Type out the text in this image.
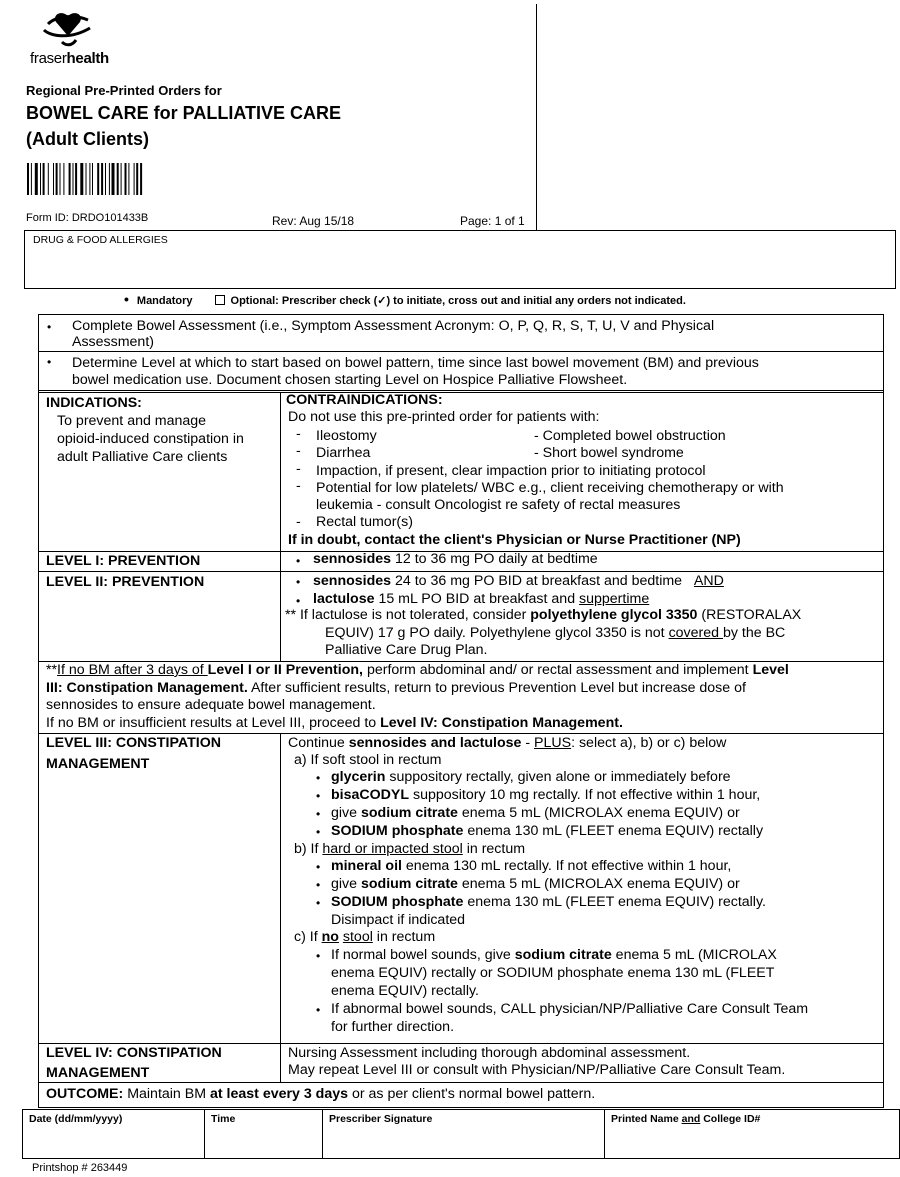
fraserhealth
Regional Pre-Printed Orders for
BOWEL CARE for PALLIATIVE CARE
(Adult Clients)
Form ID: DRDO101433B	Rev: Aug 15/18	Page: 1 of 1
DRUG & FOOD ALLERGIES
• Mandatory	Optional: Prescriber check (✓) to initiate, cross out and initial any orders not indicated.
• Complete Bowel Assessment (i.e., Symptom Assessment Acronym: O, P, Q, R, S, T, U, V and Physical
Assessment)
• Determine Level at which to start based on bowel pattern, time since last bowel movement (BM) and previous
bowel medication use. Document chosen starting Level on Hospice Palliative Flowsheet.
INDICATIONS:
To prevent and manage
opioid-induced constipation in
adult Palliative Care clients
CONTRAINDICATIONS:
Do not use this pre-printed order for patients with:
- Ileostomy	- Completed bowel obstruction
- Diarrhea	- Short bowel syndrome
- Impaction, if present, clear impaction prior to initiating protocol
- Potential for low platelets/ WBC e.g., client receiving chemotherapy or with
leukemia - consult Oncologist re safety of rectal measures
- Rectal tumor(s)
If in doubt, contact the client's Physician or Nurse Practitioner (NP)
LEVEL I: PREVENTION	• sennosides 12 to 36 mg PO daily at bedtime
LEVEL II: PREVENTION	• sennosides 24 to 36 mg PO BID at breakfast and bedtime AND
• lactulose 15 mL PO BID at breakfast and suppertime
** If lactulose is not tolerated, consider polyethylene glycol 3350 (RESTORALAX
EQUIV) 17 g PO daily. Polyethylene glycol 3350 is not covered by the BC
Palliative Care Drug Plan.
**If no BM after 3 days of Level I or II Prevention, perform abdominal and/ or rectal assessment and implement Level
III: Constipation Management. After sufficient results, return to previous Prevention Level but increase dose of
sennosides to ensure adequate bowel management.
If no BM or insufficient results at Level III, proceed to Level IV: Constipation Management.
LEVEL III: CONSTIPATION
MANAGEMENT
Continue sennosides and lactulose - PLUS: select a), b) or c) below
a) If soft stool in rectum
• glycerin suppository rectally, given alone or immediately before
• bisaCODYL suppository 10 mg rectally. If not effective within 1 hour,
• give sodium citrate enema 5 mL (MICROLAX enema EQUIV) or
• SODIUM phosphate enema 130 mL (FLEET enema EQUIV) rectally
b) If hard or impacted stool in rectum
• mineral oil enema 130 mL rectally. If not effective within 1 hour,
• give sodium citrate enema 5 mL (MICROLAX enema EQUIV) or
• SODIUM phosphate enema 130 mL (FLEET enema EQUIV) rectally.
Disimpact if indicated
c) If no stool in rectum
• If normal bowel sounds, give sodium citrate enema 5 mL (MICROLAX
enema EQUIV) rectally or SODIUM phosphate enema 130 mL (FLEET
enema EQUIV) rectally.
• If abnormal bowel sounds, CALL physician/NP/Palliative Care Consult Team
for further direction.
LEVEL IV: CONSTIPATION
MANAGEMENT
Nursing Assessment including thorough abdominal assessment.
May repeat Level III or consult with Physician/NP/Palliative Care Consult Team.
OUTCOME: Maintain BM at least every 3 days or as per client's normal bowel pattern.
Date (dd/mm/yyyy)	Time	Prescriber Signature	Printed Name and College ID#
Printshop # 263449
